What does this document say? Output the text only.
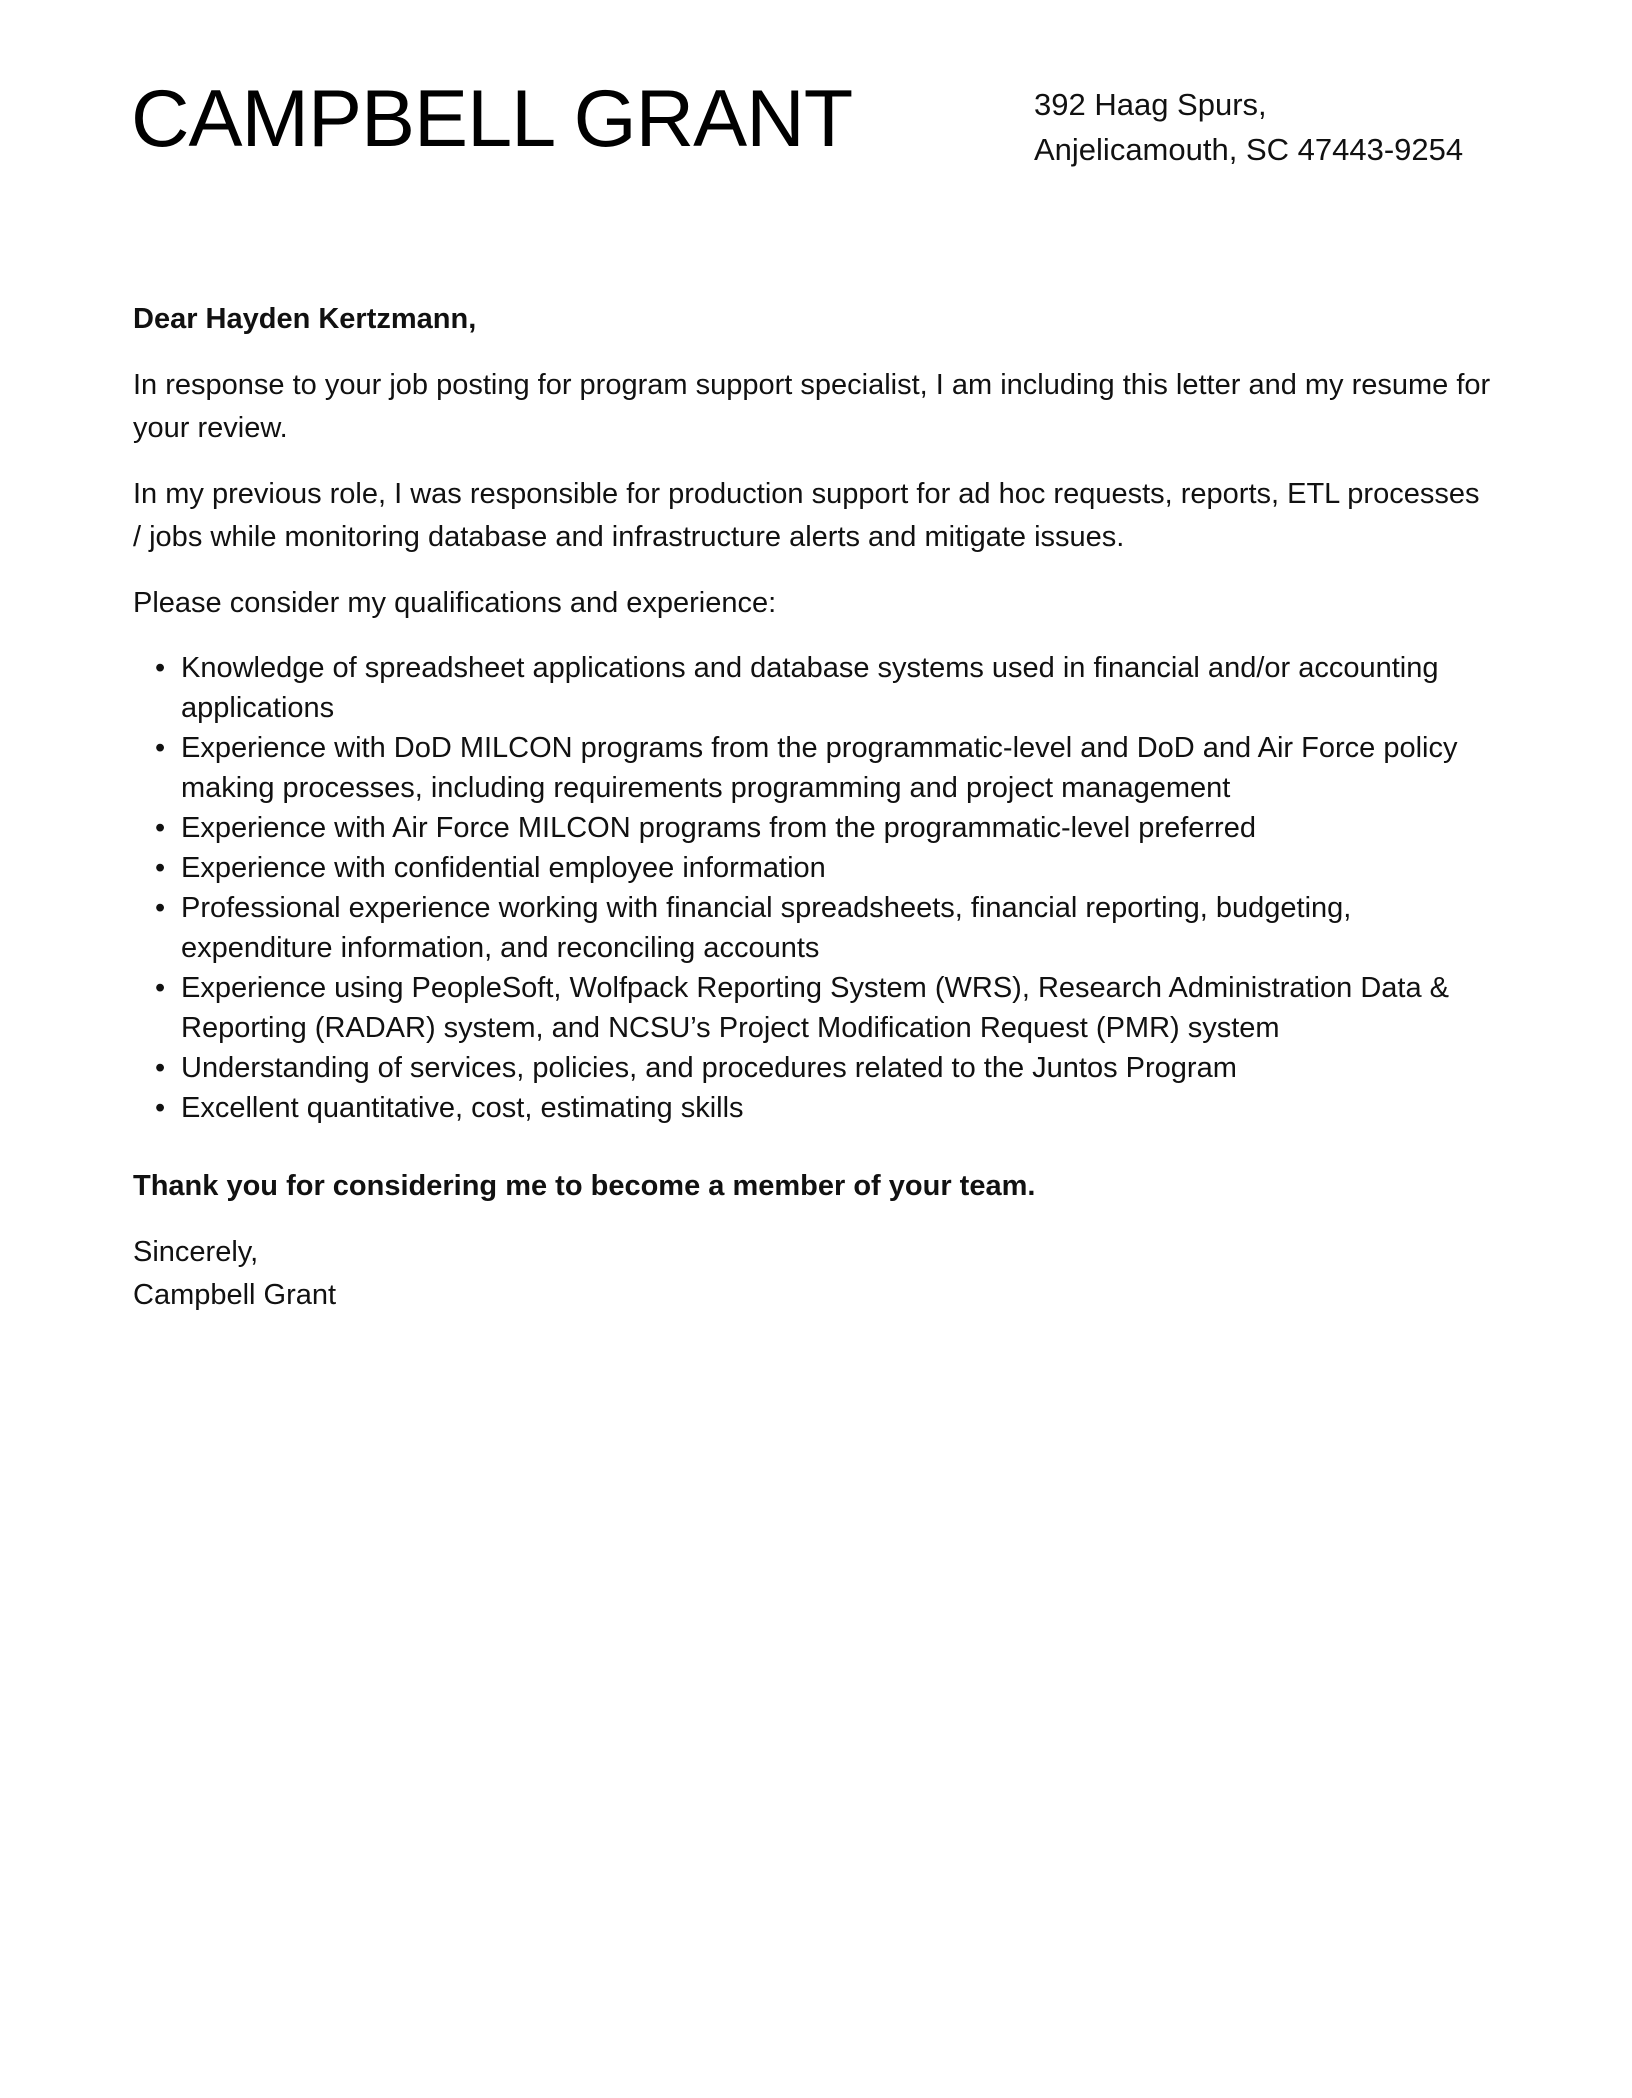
CAMPBELL GRANT	392 Haag Spurs,
Anjelicamouth, SC 47443-9254

Dear Hayden Kertzmann,

In response to your job posting for program support specialist, I am including this letter and my resume for your review.

In my previous role, I was responsible for production support for ad hoc requests, reports, ETL processes / jobs while monitoring database and infrastructure alerts and mitigate issues.

Please consider my qualifications and experience:

• Knowledge of spreadsheet applications and database systems used in financial and/or accounting applications
• Experience with DoD MILCON programs from the programmatic-level and DoD and Air Force policy making processes, including requirements programming and project management
• Experience with Air Force MILCON programs from the programmatic-level preferred
• Experience with confidential employee information
• Professional experience working with financial spreadsheets, financial reporting, budgeting, expenditure information, and reconciling accounts
• Experience using PeopleSoft, Wolfpack Reporting System (WRS), Research Administration Data & Reporting (RADAR) system, and NCSU’s Project Modification Request (PMR) system
• Understanding of services, policies, and procedures related to the Juntos Program
• Excellent quantitative, cost, estimating skills

Thank you for considering me to become a member of your team.

Sincerely,

Campbell Grant
